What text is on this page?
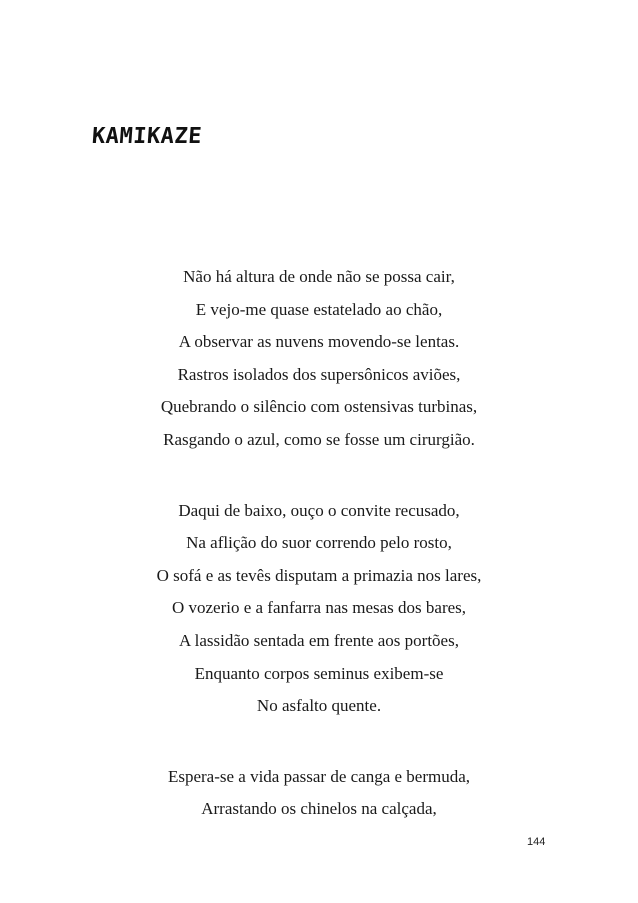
KAMIKAZE
Não há altura de onde não se possa cair,
E vejo-me quase estatelado ao chão,
A observar as nuvens movendo-se lentas.
Rastros isolados dos supersônicos aviões,
Quebrando o silêncio com ostensivas turbinas,
Rasgando o azul, como se fosse um cirurgião.
Daqui de baixo, ouço o convite recusado,
Na aflição do suor correndo pelo rosto,
O sofá e as tevês disputam a primazia nos lares,
O vozerio e a fanfarra nas mesas dos bares,
A lassidão sentada em frente aos portões,
Enquanto corpos seminus exibem-se
No asfalto quente.
Espera-se a vida passar de canga e bermuda,
Arrastando os chinelos na calçada,
144
